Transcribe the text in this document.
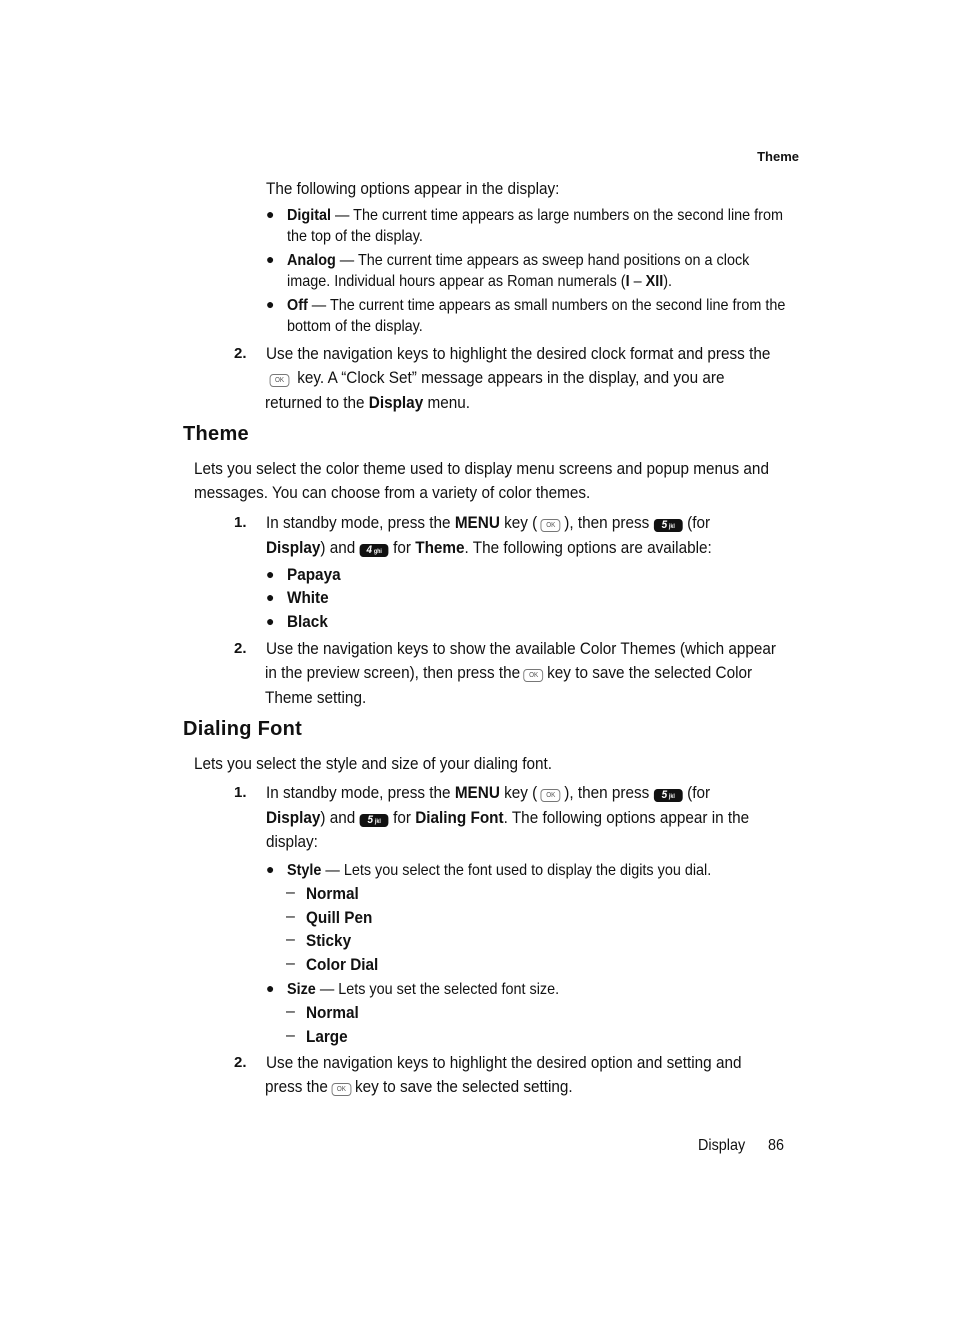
Theme
The following options appear in the display:
● Digital — The current time appears as large numbers on the second line from
the top of the display.
● Analog — The current time appears as sweep hand positions on a clock
image. Individual hours appear as Roman numerals (I – XII).
● Off — The current time appears as small numbers on the second line from the
bottom of the display.
2. Use the navigation keys to highlight the desired clock format and press the
OK key. A “Clock Set” message appears in the display, and you are
returned to the Display menu.
Theme
Lets you select the color theme used to display menu screens and popup menus and
messages. You can choose from a variety of color themes.
1. In standby mode, press the MENU key ( OK ), then press 5 jkl (for
Display) and 4 ghi for Theme. The following options are available:
● Papaya
● White
● Black
2. Use the navigation keys to show the available Color Themes (which appear
in the preview screen), then press the OK key to save the selected Color
Theme setting.
Dialing Font
Lets you select the style and size of your dialing font.
1. In standby mode, press the MENU key ( OK ), then press 5 jkl (for
Display) and 5 jkl for Dialing Font. The following options appear in the
display:
● Style — Lets you select the font used to display the digits you dial.
– Normal
– Quill Pen
– Sticky
– Color Dial
● Size — Lets you set the selected font size.
– Normal
– Large
2. Use the navigation keys to highlight the desired option and setting and
press the OK key to save the selected setting.
Display 86
